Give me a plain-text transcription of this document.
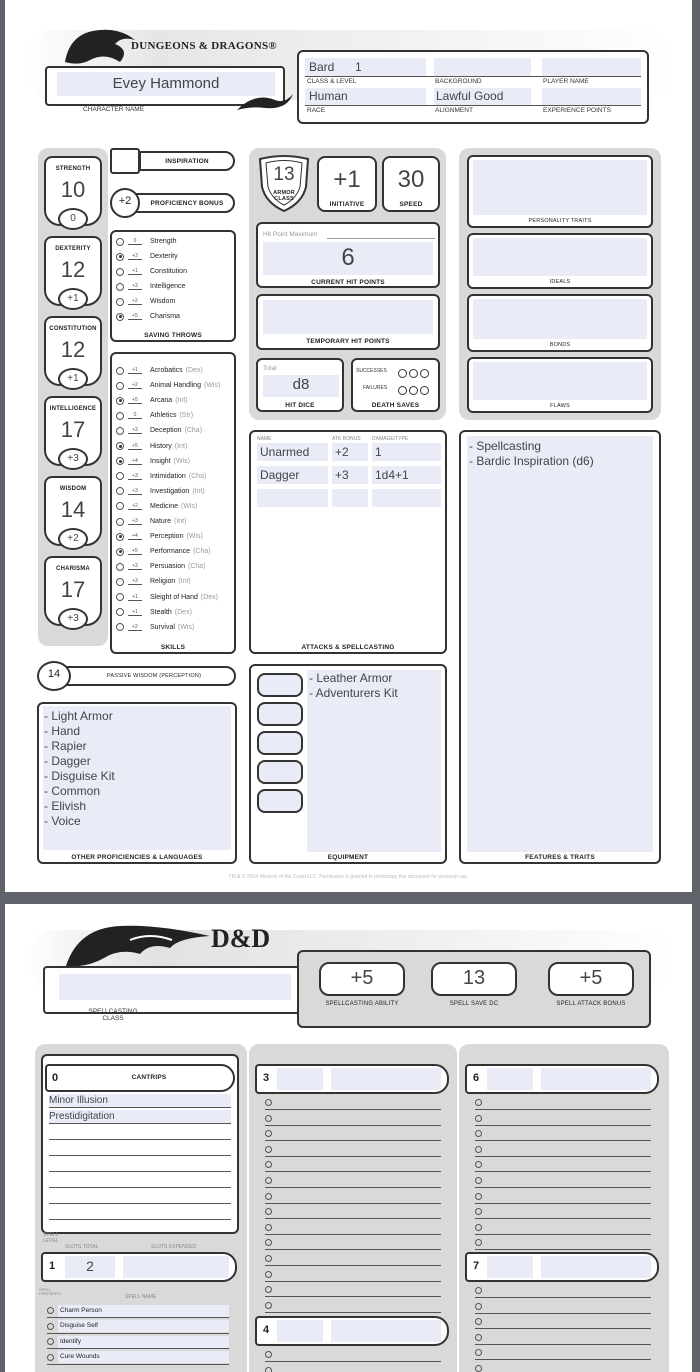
DUNGEONS & DRAGONS®
Evey Hammond
CHARACTER NAME
Bard 1
CLASS & LEVEL	BACKGROUND	PLAYER NAME
Human	Lawful Good
RACE	ALIGNMENT	EXPERIENCE POINTS
STRENGTH
10
0
DEXTERITY
12
+1
CONSTITUTION
12
+1
INTELLIGENCE
17
+3
WISDOM
14
+2
CHARISMA
17
+3
INSPIRATION
+2	PROFICIENCY BONUS
0	Strength
+3	Dexterity
+1	Constitution
+3	Intelligence
+2	Wisdom
+5	Charisma
SAVING THROWS
+1	Acrobatics (Dex)
+2	Animal Handling (Wis)
+5	Arcana (Int)
0	Athletics (Str)
+3	Deception (Cha)
+5	History (Int)
+4	Insight (Wis)
+3	Intimidation (Cha)
+3	Investigation (Int)
+2	Medicine (Wis)
+3	Nature (Int)
+4	Perception (Wis)
+5	Performance (Cha)
+3	Persuasion (Cha)
+3	Religion (Int)
+1	Sleight of Hand (Dex)
+1	Stealth (Dex)
+2	Survival (Wis)
SKILLS
13
ARMOR CLASS
+1
INITIATIVE
30
SPEED
Hit Point Maximum
6
CURRENT HIT POINTS
TEMPORARY HIT POINTS
Total
d8
HIT DICE
SUCCESSES
FAILURES
DEATH SAVES
PERSONALITY TRAITS
IDEALS
BONDS
FLAWS
NAME	ATK BONUS DAMAGE/TYPE
Unarmed +2 1
Dagger	+3 1d4+1
ATTACKS & SPELLCASTING
- Spellcasting
- Bardic Inspiration (d6)
FEATURES & TRAITS
14	PASSIVE WISDOM (PERCEPTION)
- Light Armor
- Hand
- Rapier
- Dagger
- Disguise Kit
- Common
- Elivish
- Voice
OTHER PROFICIENCIES & LANGUAGES
- Leather Armor
- Adventurers Kit
EQUIPMENT
TM & © 2014 Wizards of the Coast LLC. Permission is granted to photocopy this document for personal use.
D&D
SPELLCASTING CLASS
+5
SPELLCASTING ABILITY
13
SPELL SAVE DC
+5
SPELL ATTACK BONUS
0	CANTRIPS
Minor Illusion
Prestidigitation
SPELL LEVEL
SLOTS TOTAL	SLOTS EXPENDED
1	2
SPELL PREPARED
SPELL NAME
Charm Person
Disguise Self
Identify
Cure Wounds
3
4
6
7
